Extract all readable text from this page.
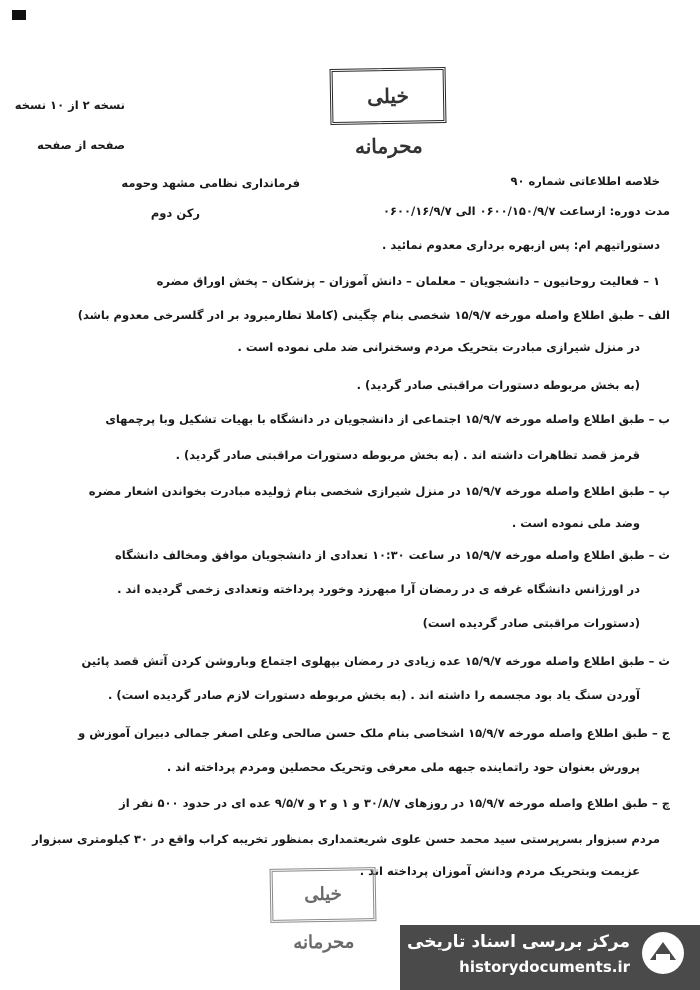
خیلی محرمانه
نسخه ۲ از ۱۰ نسخه
صفحه از صفحه
فرماندارى نظامى مشهد وحومه
رکن دوم
خلاصه اطلاعاتى شماره ۹۰
مدت دوره: ازساعت ۰۶۰۰/۱۵۰/۹/۷ الى ۰۶۰۰/۱۶/۹/۷
دستوراتيهم ام: پس ازبهره بردارى معدوم نمائيد .
۱ – فعالیت روحانیون – دانشجویان – معلمان – دانش آموزان – پزشکان – پخش اوراق مضره
الف – طبق اطلاع واصله مورخه ۱۵/۹/۷ شخصى بنام چگینى (کاملا تطارمیرود بر ادر گلسرخى معدوم باشد)
در منزل شیرازى مبادرت بتحریک مردم وسخنرانى ضد ملى نموده است .
(به بخش مربوطه دستورات مراقبتى صادر گردید) .
ب – طبق اطلاع واصله مورخه ۱۵/۹/۷ اجتماعى از دانشجویان در دانشگاه با بهیات تشکیل وبا پرچمهاى
قرمز قصد تظاهرات داشته اند . (به بخش مربوطه دستورات مراقبتى صادر گردید) .
پ – طبق اطلاع واصله مورخه ۱۵/۹/۷ در منزل شیرازى شخصى بنام ژولیده مبادرت بخواندن اشعار مضره
وضد ملى نموده است .
ث – طبق اطلاع واصله مورخه ۱۵/۹/۷ در ساعت ۱۰:۳۰ تعدادى از دانشجویان موافق ومخالف دانشگاه
در اورژانس دانشگاه غرفه ى در رمضان آرا مبهرزد وخورد پرداخته وتعدادى زخمى گردیده اند .
(دستورات مراقبتى صادر گردیده است)
ث – طبق اطلاع واصله مورخه ۱۵/۹/۷ عده زیادى در رمضان بپهلوى اجتماع وباروشن کردن آتش قصد پائین
آوردن سنگ یاد بود مجسمه را داشته اند . (به بخش مربوطه دستورات لازم صادر گردیده است) .
ج – طبق اطلاع واصله مورخه ۱۵/۹/۷ اشخاصى بنام ملک حسن صالحى وعلى اصغر جمالى دبیران آموزش و
پرورش بعنوان حود راتماینده جبهه ملى معرفى وتحریک محصلین ومردم پرداخته اند .
چ – طبق اطلاع واصله مورخه ۱۵/۹/۷ در روزهاى ۳۰/۸/۷ و ۱ و ۲ و ۹/۵/۷ عده اى در حدود ۵۰۰ نفر از
مردم سبزوار بسرپرستى سید محمد حسن علوى شریعتمدارى بمنظور تخریبه کراب واقع در ۳۰ کیلومترى سبزوار
عزیمت وبتحریک مردم ودانش آموزان پرداخته اند .
خیلی محرمانه	مرکز بررسی اسناد تاریخی
historydocuments.ir
